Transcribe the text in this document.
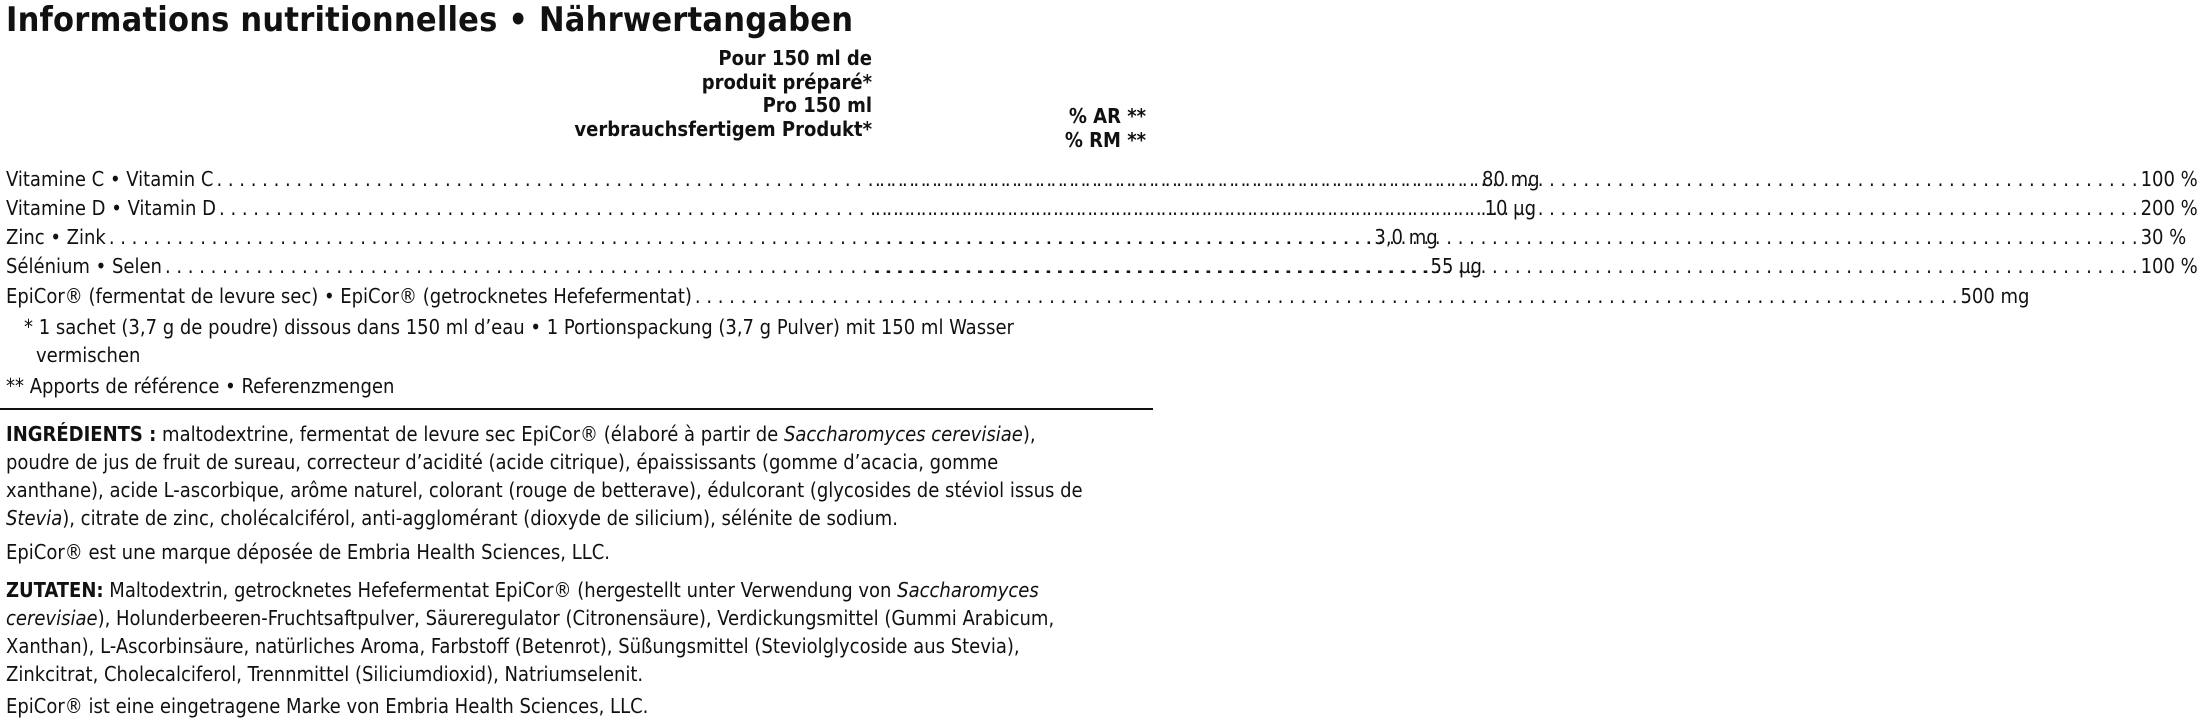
Informations nutritionnelles • Nährwertangaben
Pour 150 ml de
produit préparé*
Pro 150 ml
verbrauchsfertigem Produkt*
% AR **
% RM **
Vitamine C • Vitamin C . . .	80 mg . . .	100 %
Vitamine D • Vitamin D . . .	10 µg . . .	200 %
Zinc • Zink . . .	3,0 mg . . .	30 %
Sélénium • Selen . . .	55 µg . . .	100 %
EpiCor® (fermentat de levure sec) • EpiCor® (getrocknetes Hefefermentat) . . .	500 mg
* 1 sachet (3,7 g de poudre) dissous dans 150 ml d’eau • 1 Portionspackung (3,7 g Pulver) mit 150 ml Wasser
vermischen
** Apports de référence • Referenzmengen
INGRÉDIENTS : maltodextrine, fermentat de levure sec EpiCor® (élaboré à partir de Saccharomyces cerevisiae),
poudre de jus de fruit de sureau, correcteur d’acidité (acide citrique), épaississants (gomme d’acacia, gomme
xanthane), acide L-ascorbique, arôme naturel, colorant (rouge de betterave), édulcorant (glycosides de stéviol issus de
Stevia), citrate de zinc, cholécalciférol, anti-agglomérant (dioxyde de silicium), sélénite de sodium.
EpiCor® est une marque déposée de Embria Health Sciences, LLC.
ZUTATEN: Maltodextrin, getrocknetes Hefefermentat EpiCor® (hergestellt unter Verwendung von Saccharomyces
cerevisiae), Holunderbeeren-Fruchtsaftpulver, Säureregulator (Citronensäure), Verdickungsmittel (Gummi Arabicum,
Xanthan), L-Ascorbinsäure, natürliches Aroma, Farbstoff (Betenrot), Süßungsmittel (Steviolglycoside aus Stevia),
Zinkcitrat, Cholecalciferol, Trennmittel (Siliciumdioxid), Natriumselenit.
EpiCor® ist eine eingetragene Marke von Embria Health Sciences, LLC.
